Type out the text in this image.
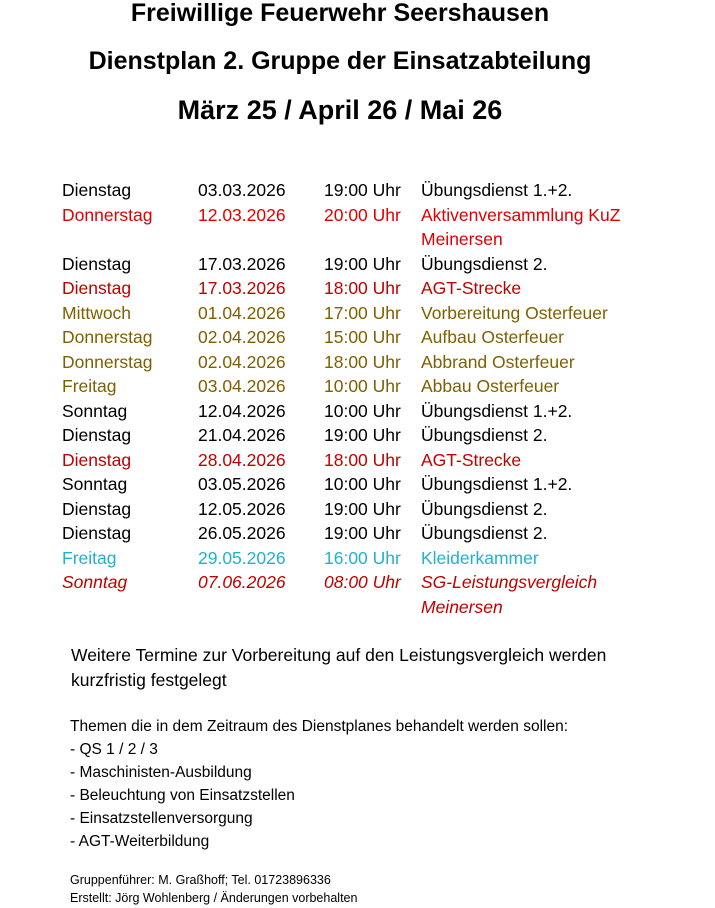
Freiwillige Feuerwehr Seershausen
Dienstplan 2. Gruppe der Einsatzabteilung
März 25 / April 26 / Mai 26
Dienstag	03.03.2026 19:00 Uhr Übungsdienst 1.+2.
Donnerstag	12.03.2026 20:00 Uhr Aktivenversammlung KuZ Meinersen
Dienstag	17.03.2026 19:00 Uhr Übungsdienst 2.
Dienstag	17.03.2026 18:00 Uhr AGT-Strecke
Mittwoch	01.04.2026 17:00 Uhr Vorbereitung Osterfeuer
Donnerstag	02.04.2026 15:00 Uhr Aufbau Osterfeuer
Donnerstag	02.04.2026 18:00 Uhr Abbrand Osterfeuer
Freitag	03.04.2026 10:00 Uhr Abbau Osterfeuer
Sonntag	12.04.2026 10:00 Uhr Übungsdienst 1.+2.
Dienstag	21.04.2026 19:00 Uhr Übungsdienst 2.
Dienstag	28.04.2026 18:00 Uhr AGT-Strecke
Sonntag	03.05.2026 10:00 Uhr Übungsdienst 1.+2.
Dienstag	12.05.2026 19:00 Uhr Übungsdienst 2.
Dienstag	26.05.2026 19:00 Uhr Übungsdienst 2.
Freitag	29.05.2026 16:00 Uhr Kleiderkammer
Sonntag	07.06.2026 08:00 Uhr SG-Leistungsvergleich Meinersen
Weitere Termine zur Vorbereitung auf den Leistungsvergleich werden kurzfristig festgelegt
Themen die in dem Zeitraum des Dienstplanes behandelt werden sollen:
- QS 1 / 2 / 3
- Maschinisten-Ausbildung
- Beleuchtung von Einsatzstellen
- Einsatzstellenversorgung
- AGT-Weiterbildung
Gruppenführer: M. Graßhoff; Tel. 01723896336
Erstellt: Jörg Wohlenberg / Änderungen vorbehalten
